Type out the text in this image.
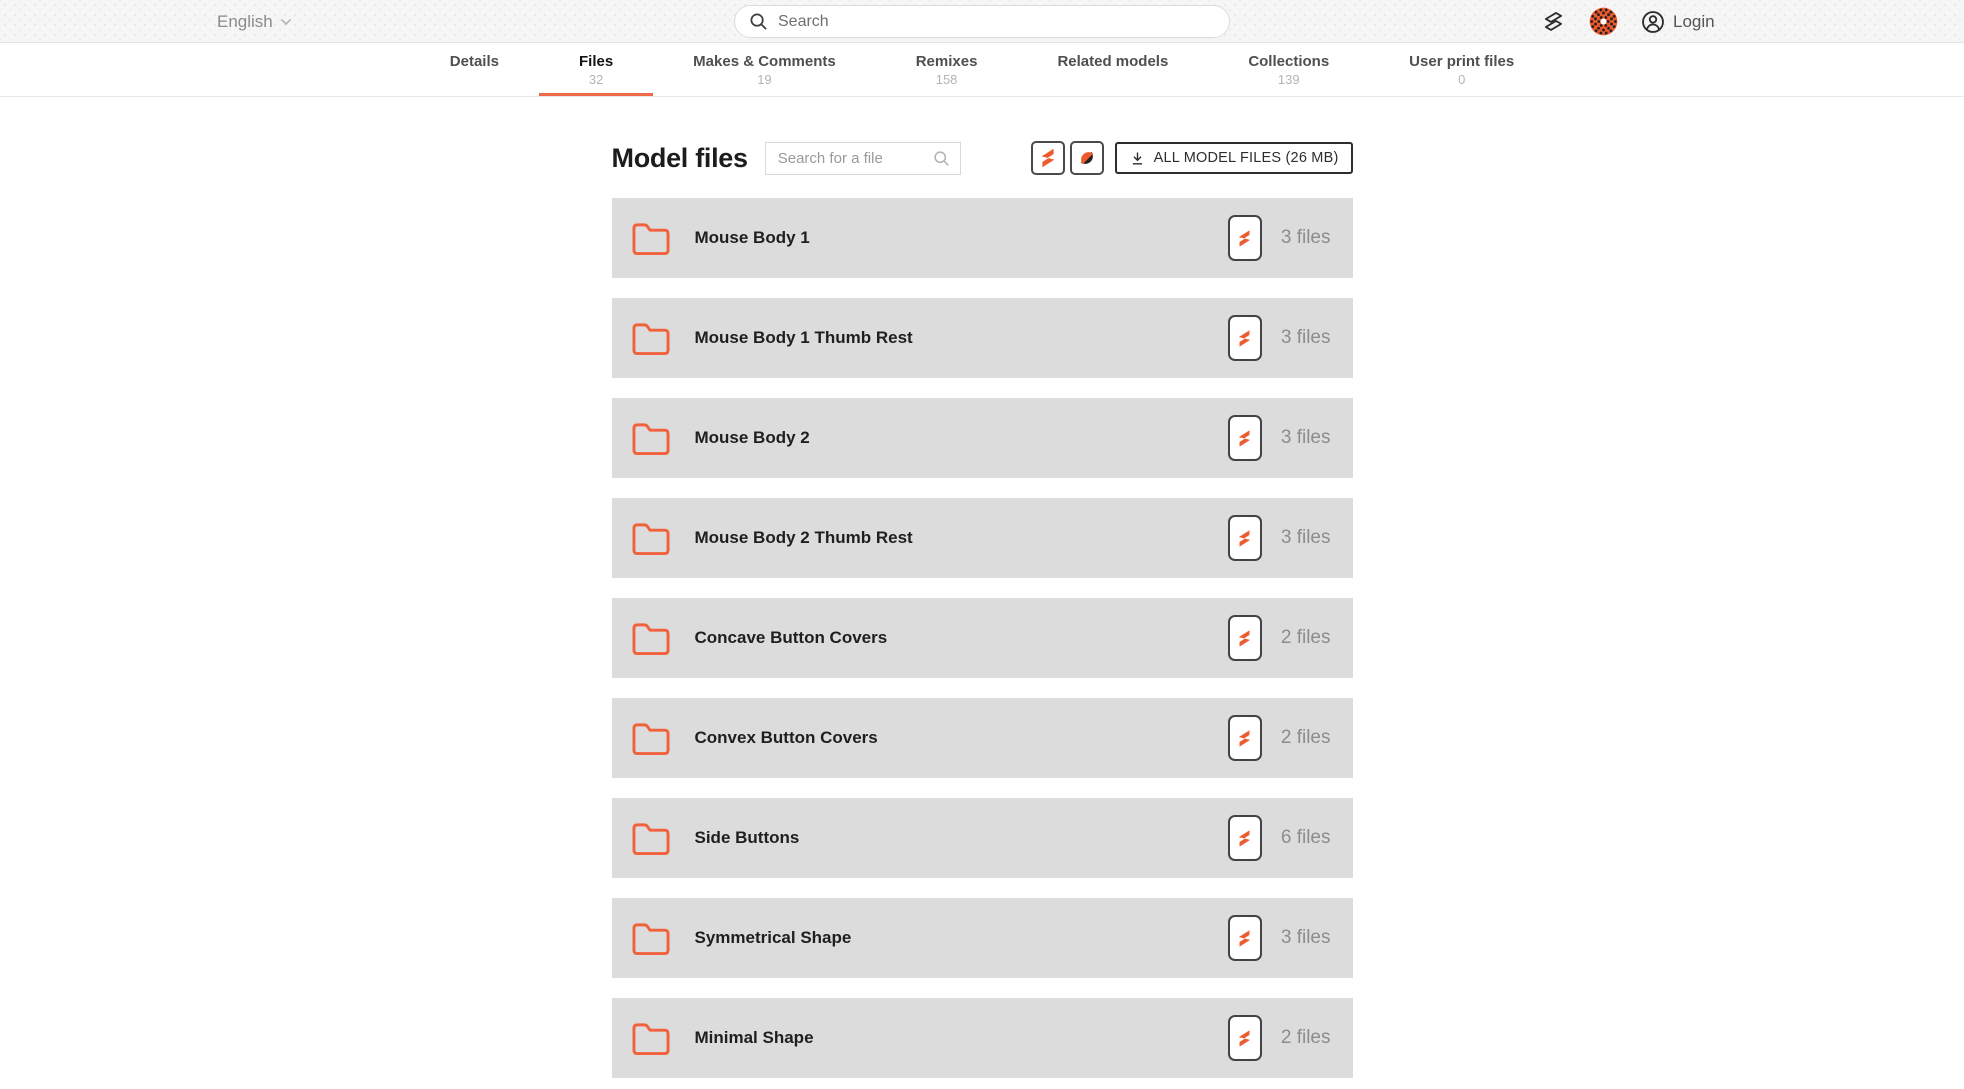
English
Search	Login
Details	Files
32
Makes & Comments
19
Remixes
158
Related models	Collections
139
User print files
0
Model files
Search for a file	ALL MODEL FILES (26 MB)
Mouse Body 1	3 files
Mouse Body 1 Thumb Rest	3 files
Mouse Body 2	3 files
Mouse Body 2 Thumb Rest	3 files
Concave Button Covers	2 files
Convex Button Covers	2 files
Side Buttons	6 files
Symmetrical Shape	3 files
Minimal Shape	2 files
